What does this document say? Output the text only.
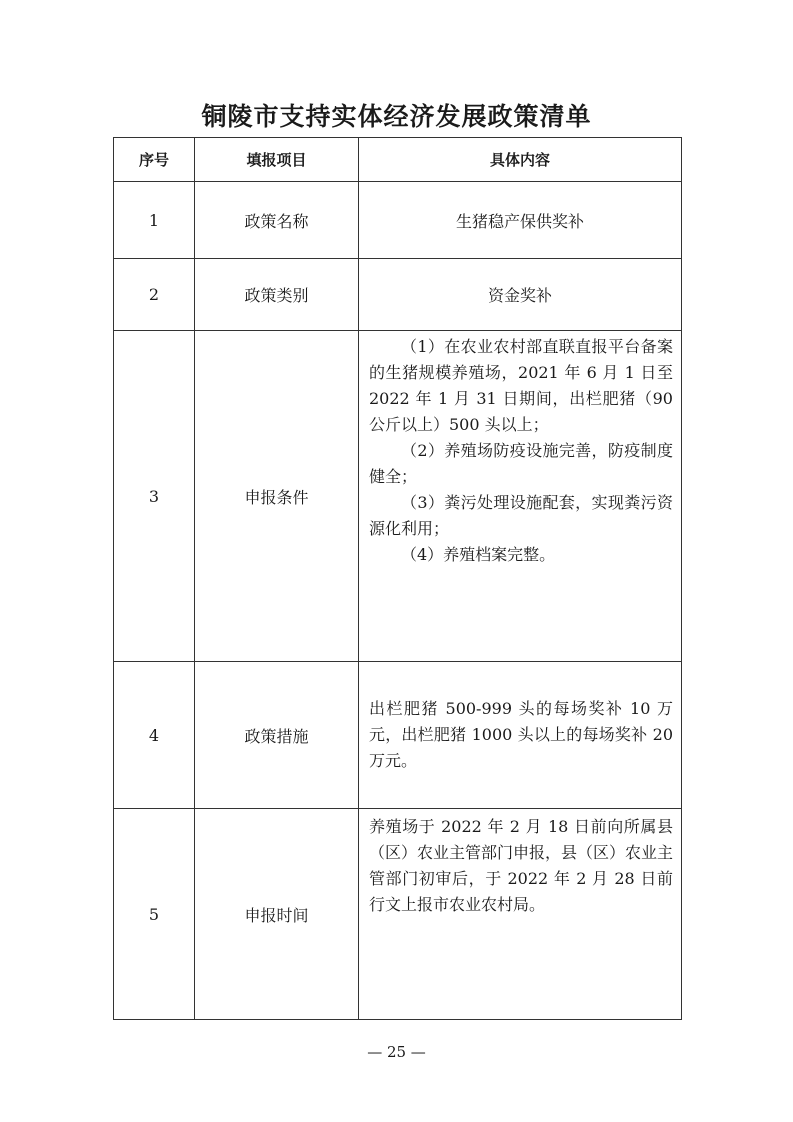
铜陵市支持实体经济发展政策清单
序号	填报项目	具体内容
1	政策名称	生猪稳产保供奖补
2	政策类别	资金奖补
3	申报条件	（1）在农业农村部直联直报平台备案的生猪规模养殖场，2021 年 6 月 1 日至 2022 年 1 月 31 日期间，出栏肥猪（90 公斤以上）500 头以上；

（2）养殖场防疫设施完善，防疫制度健全；

（3）粪污处理设施配套，实现粪污资源化利用；

（4）养殖档案完整。

4	政策措施	出栏肥猪 500-999 头的每场奖补 10 万元，出栏肥猪 1000 头以上的每场奖补 20 万元。

5	申报时间	养殖场于 2022 年 2 月 18 日前向所属县（区）农业主管部门申报，县（区）农业主管部门初审后，于 2022 年 2 月 28 日前行文上报市农业农村局。

— 25 —
